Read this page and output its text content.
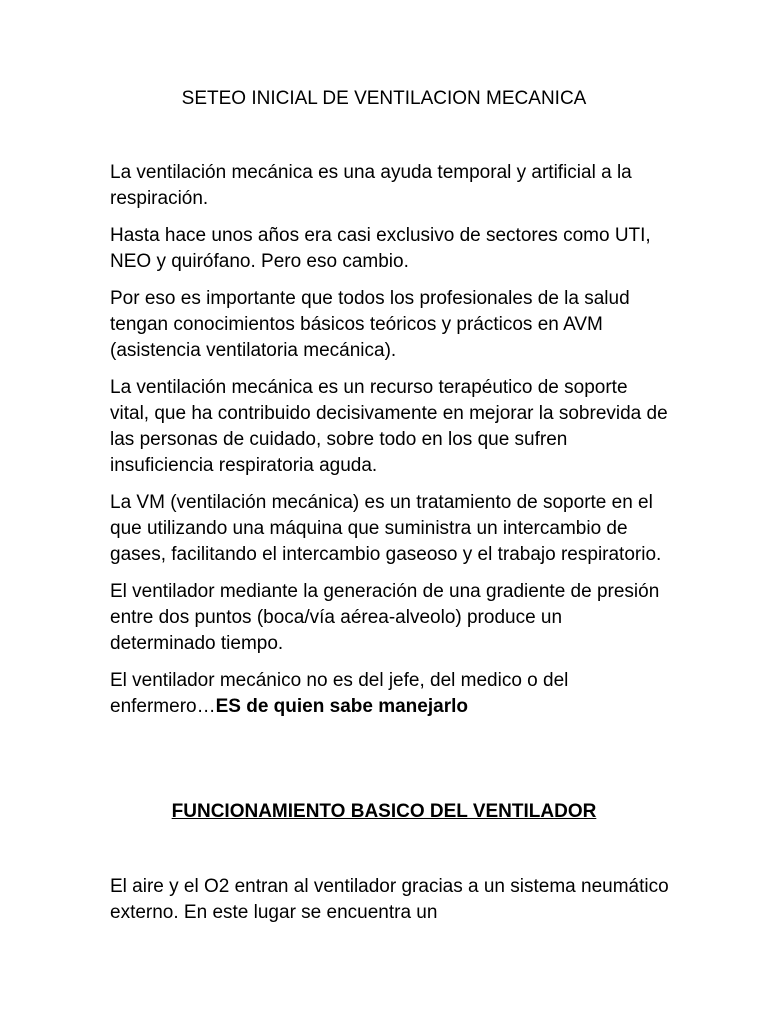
SETEO INICIAL DE VENTILACION MECANICA

La ventilación mecánica es una ayuda temporal y artificial a la respiración.

Hasta hace unos años era casi exclusivo de sectores como UTI, NEO y quirófano. Pero eso cambio.

Por eso es importante que todos los profesionales de la salud tengan conocimientos básicos teóricos y prácticos en AVM (asistencia ventilatoria mecánica).

La ventilación mecánica es un recurso terapéutico de soporte vital, que ha contribuido decisivamente en mejorar la sobrevida de las personas de cuidado, sobre todo en los que sufren insuficiencia respiratoria aguda.

La VM (ventilación mecánica) es un tratamiento de soporte en el que utilizando una máquina que suministra un intercambio de gases, facilitando el intercambio gaseoso y el trabajo respiratorio.

El ventilador mediante la generación de una gradiente de presión entre dos puntos (boca/vía aérea-alveolo) produce un determinado tiempo.

El ventilador mecánico no es del jefe, del medico o del enfermero…ES de quien sabe manejarlo

FUNCIONAMIENTO BASICO DEL VENTILADOR

El aire y el O2 entran al ventilador gracias a un sistema neumático externo. En este lugar se encuentra un
